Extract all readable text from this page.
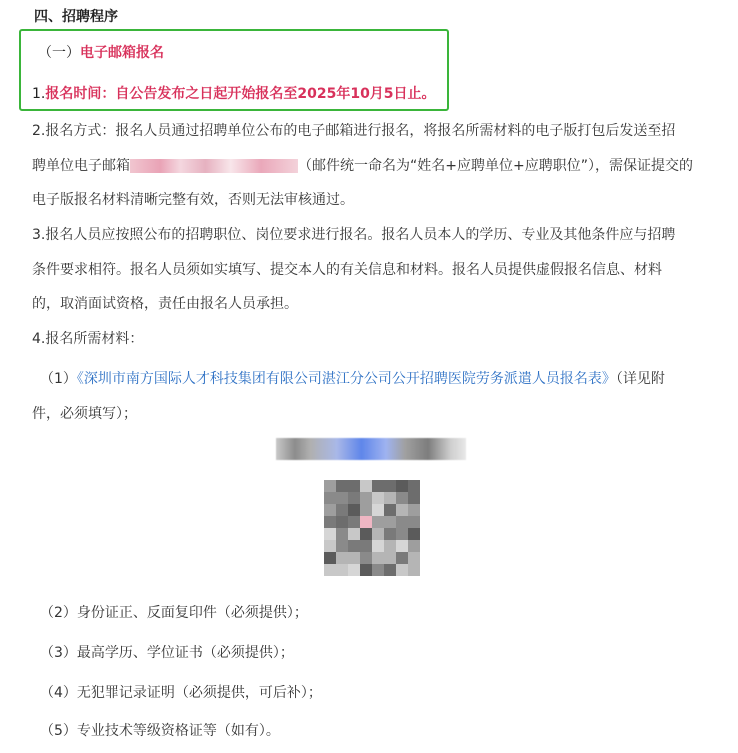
四、招聘程序
（一）电子邮箱报名
1.报名时间：自公告发布之日起开始报名至2025年10月5日止。
2.报名方式：报名人员通过招聘单位公布的电子邮箱进行报名，将报名所需材料的电子版打包后发送至招
聘单位电子邮箱	（邮件统一命名为“姓名+应聘单位+应聘职位”），需保证提交的
电子版报名材料清晰完整有效，否则无法审核通过。
3.报名人员应按照公布的招聘职位、岗位要求进行报名。报名人员本人的学历、专业及其他条件应与招聘
条件要求相符。报名人员须如实填写、提交本人的有关信息和材料。报名人员提供虚假报名信息、材料
的，取消面试资格，责任由报名人员承担。
4.报名所需材料：
（1）《深圳市南方国际人才科技集团有限公司湛江分公司公开招聘医院劳务派遣人员报名表》（详见附
件，必须填写）；
（2）身份证正、反面复印件（必须提供）；
（3）最高学历、学位证书（必须提供）；
（4）无犯罪记录证明（必须提供，可后补）；
（5）专业技术等级资格证等（如有）。
